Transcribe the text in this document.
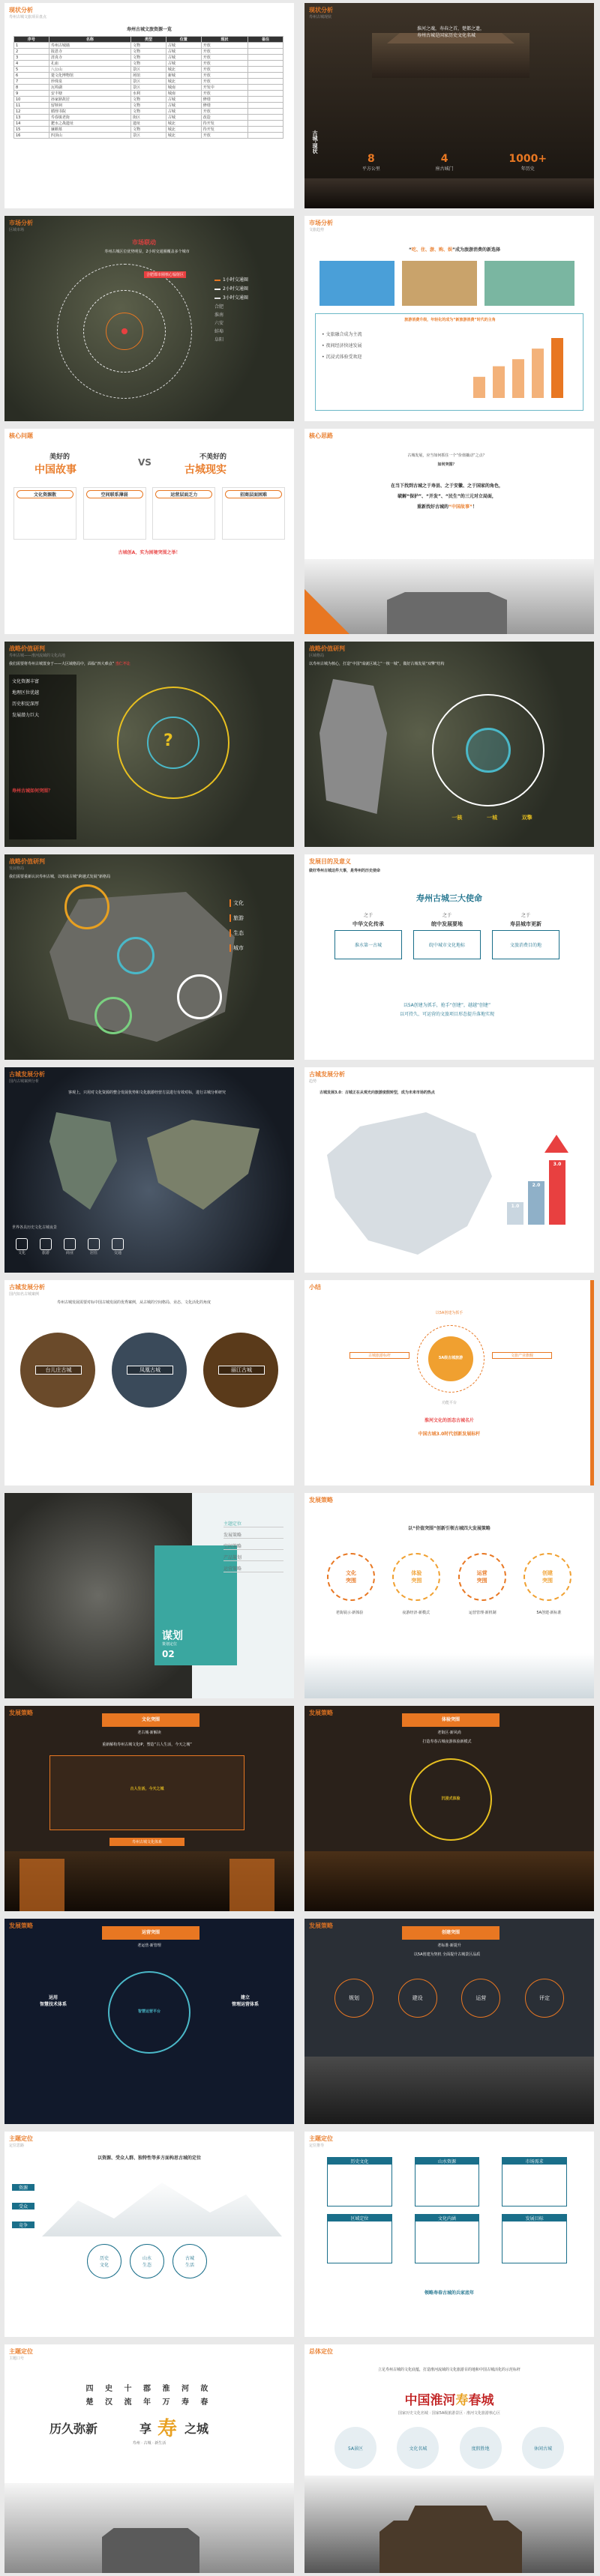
现状分析
寿州古城文旅项目盘点
寿州古城文旅资源一览
序号	名称	类型	位置	现状	备注
1	寿州古城墙	文物	古城	开放	
2	报恩寺	文物	古城	开放	
3	清真寺	文物	古城	开放	
4	孔庙	文物	古城	开放	
5	八公山	景区	城北	开放	
6	楚文化博物馆	场馆	新城	开放	
7	珍珠泉	景区	城北	开放	
8	瓦埠湖	景区	城南	开发中	
9	安丰塘	水利	城南	开放	
10	孙家鼎故居	文物	古城	修缮	
11	留犊祠	文物	古城	修缮	
12	循理书院	文物	古城	开放	
13	寿春镇老街	街区	古城	改造	
14	淝水之战遗址	遗址	城北	待开发	
15	廉颇墓	文物	城北	待开发	
16	四顶山	景区	城北	开放	
现状分析
寿州古城现状
淮河之魂，寿春之首，楚都之遗，
寿州古城是国家历史文化名城
古城·现状
8
平方公里
4
座古城门
1000+
年历史
市场分析
区域市场
市场联动
寿州古城区位优势明显，2小时交通圈覆盖多个城市
合肥都市圈核心辐射区
1小时交通圈
2小时交通圈
3小时交通圈
合肥
淮南
六安
蚌埠
阜阳
市场分析
文旅趋势
“吃、住、游、购、娱”成为旅游消费的新选择
旅游消费升级，年轻化的成为“新旅游消费”时代的主角
• 文旅融合成为主流
• 夜间经济快速发展
• 沉浸式体验受欢迎
核心问题
美好的
中国故事
VS	不美好的
古城现实
文化资源散	空间联系薄弱	运营层面乏力	招商层面困难
古城创A，实为困境突围之举！
核心思路
古城发展，应当如何抓住一个“价值撬动”之点？
如何突围？
在当下找到古城之于寿县、之于安徽、之于国家的角色，
破解“保护”、“开发”、“民生”的三元对立局面，
重新找好古城的“中国故事”！
战略价值研判
寿州古城——淮河流域的文化高地
我们需要将寿州古城置身于——大区域格局中，面临“四大难点” 当仁不让
文化资源丰富
地理区位优越
历史积淀深厚
发展潜力巨大
寿州古城如何突围？
?
战略价值研判
区域格局
以寿州古城为核心，打造“中国”成就区域之“一核一城”，做好古城发展“双擎”结构
一核	一城	双擎
战略价值研判
发展格局
我们需要重新认识寿州古城，以形成古城“跨越式发展”新格局
文化
旅游
生态
城市
发展目的及意义
做好寿州古城这件大事，是寿州的历史使命
寿州古城三大使命
之于
中华文化传承
淮水第一古城
之于
皖中发展要地
皖中城市文化地标
之于
寿县城市更新
文旅消费目的地
以5A创建为抓手，抢手“创建”，越越“创建”
以可持久、可运营的文旅项目形态提升落地实现
古城发展分析
国内古城案例分析
客观上，只用对文化资源的整合发展优势和文化旅游经营方法进行有效对标，进行古城分析研究
世界各具历史文化古城夜景
文化	旅游	商业	居住	交通
古城发展分析
趋势
古城发展3.0：古城正在从观光向旅游度假转型，成为未来市场的热点
1.0
2.0
3.0
古城发展分析
国内知名古城案例
寿州古城发展需要对标中国古城发展的优秀案例，从古城的空间格局、业态、文化活化的角度
台儿庄古城	凤凰古城	丽江古城
小结
以5A创建为抓手
5A级古城旅游
古城旅游标杆	文旅产业旗舰
功能平台
淮河文化的活态古城名片
中国古城3.0时代创新发展标杆
谋划
策划定位
02
主题定位
发展策略
空间策略
产品策划
运营策略
发展策略
以“价值突围”创新引领古城四大发展策略
文化
突围
体验
突围
运营
突围
创建
突围
老街展示·新体验	夜游经济·新模式	运营管理·新机制	5A创建·新标准
发展策略
文化突围
老古城·新解读
重新解构寿州古城文化IP，塑造“古人生活，今天之城”
古人生活，今天之城
寿州古城文化体系
发展策略
体验突围
老街区·新风尚
打造寿春古城夜游体验新模式
沉浸式体验
发展策略
运营突围
老运营·新管理
运用
智慧技术体系
建立
管理运营体系
智慧运营平台
发展策略
创建突围
老标准·新提升
以5A创建为契机 全面提升古城景区品质
规划	建设	运营	评定
主题定位
定位思路
以资源、受众人群、独特性等多方面构思古城的定位
资源
受众
竞争
历史
文化
山水
生态
古城
生活
主题定位
定位推导
历史文化	山水资源	市场需求
区域定位	文化内涵	发展目标
领略寿春古城的兵家底年
主题定位
主题口号
四 史 十 郡 淮 河 故
楚 汉 流 年 万 寿 春
历久弥新	享 寿 之城
寿州 · 古城 · 新生活
总体定位
立足寿州古城的文化底蕴，打造淮河流域的文化旅游目的地和中国古城活化的示范标杆
中国淮河寿春城
国家历史文化名城 · 国家5A级旅游景区 · 淮河文化旅游核心区
5A景区	文化名城	度假胜地	休闲古城
